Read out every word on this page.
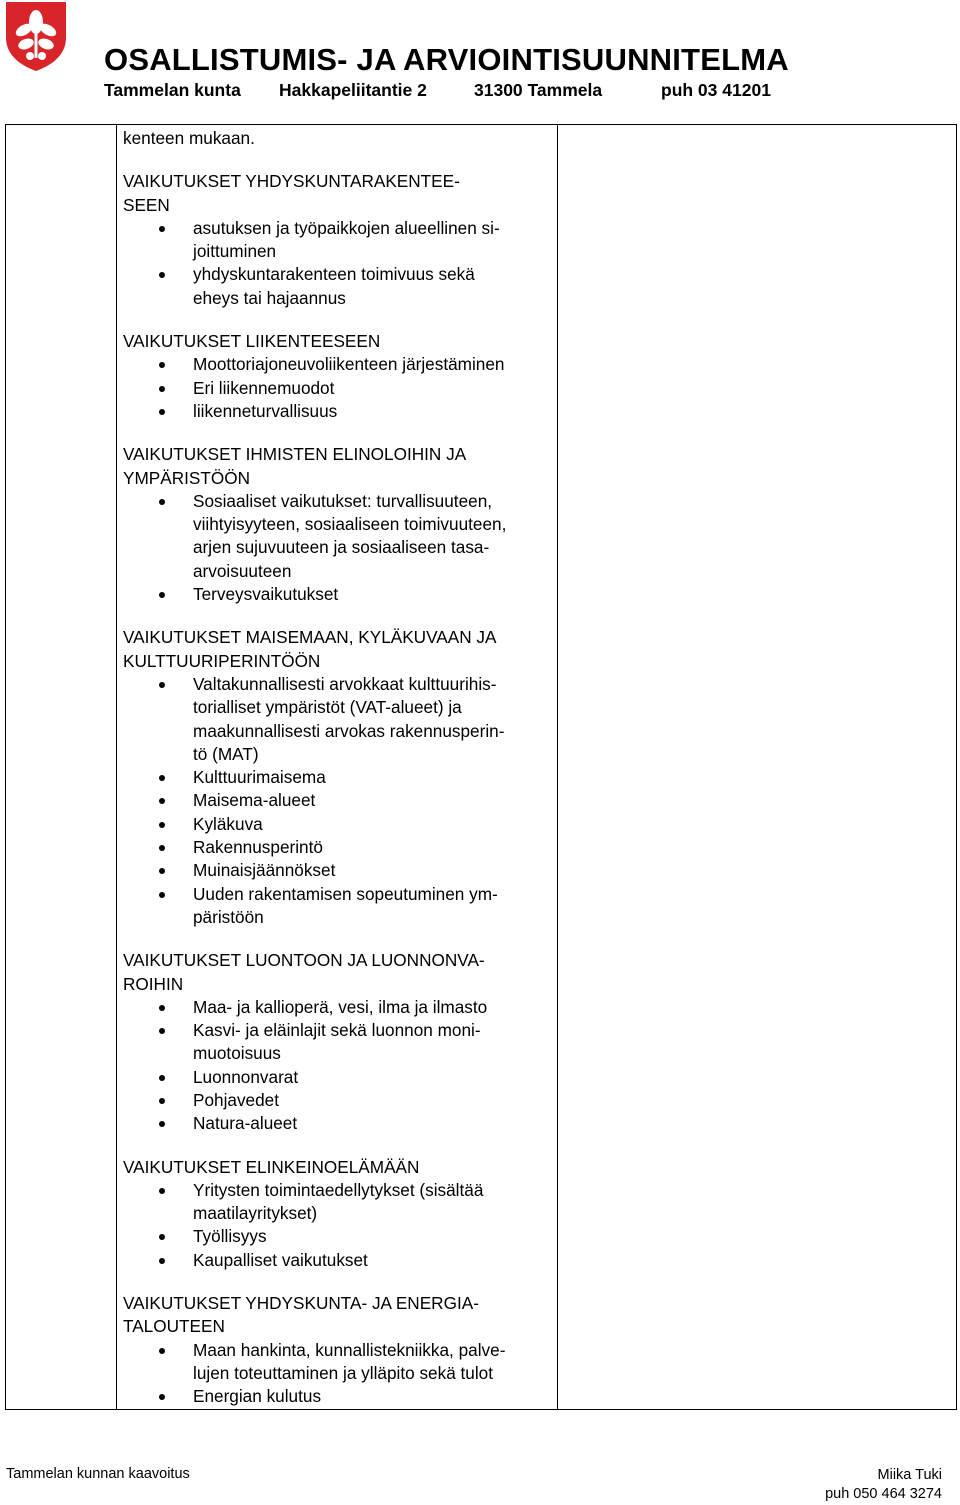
OSALLISTUMIS- JA ARVIOINTISUUNNITELMA
Tammelan kunta Hakkapeliitantie 2	31300 Tammela	puh 03 41201

kenteen mukaan.

VAIKUTUKSET YHDYSKUNTARAKENTEE-
SEEN
asutuksen ja työpaikkojen alueellinen si-
joittuminen
yhdyskuntarakenteen toimivuus sekä
eheys tai hajaannus
VAIKUTUKSET LIIKENTEESEEN
Moottoriajoneuvoliikenteen järjestäminen
Eri liikennemuodot
liikenneturvallisuus
VAIKUTUKSET IHMISTEN ELINOLOIHIN JA
YMPÄRISTÖÖN
Sosiaaliset vaikutukset: turvallisuuteen,
viihtyisyyteen, sosiaaliseen toimivuuteen,
arjen sujuvuuteen ja sosiaaliseen tasa-
arvoisuuteen
Terveysvaikutukset
VAIKUTUKSET MAISEMAAN, KYLÄKUVAAN JA
KULTTUURIPERINTÖÖN
Valtakunnallisesti arvokkaat kulttuurihis-
torialliset ympäristöt (VAT-alueet) ja
maakunnallisesti arvokas rakennusperin-
tö (MAT)
Kulttuurimaisema
Maisema-alueet
Kyläkuva
Rakennusperintö
Muinaisjäännökset
Uuden rakentamisen sopeutuminen ym-
päristöön
VAIKUTUKSET LUONTOON JA LUONNONVA-
ROIHIN
Maa- ja kallioperä, vesi, ilma ja ilmasto
Kasvi- ja eläinlajit sekä luonnon moni-
muotoisuus
Luonnonvarat
Pohjavedet
Natura-alueet
VAIKUTUKSET ELINKEINOELÄMÄÄN
Yritysten toimintaedellytykset (sisältää
maatilayritykset)
Työllisyys
Kaupalliset vaikutukset
VAIKUTUKSET YHDYSKUNTA- JA ENERGIA-
TALOUTEEN
Maan hankinta, kunnallistekniikka, palve-
lujen toteuttaminen ja ylläpito sekä tulot
Energian kulutus
Tammelan kunnan kaavoitus	Miika Tuki
puh 050 464 3274
